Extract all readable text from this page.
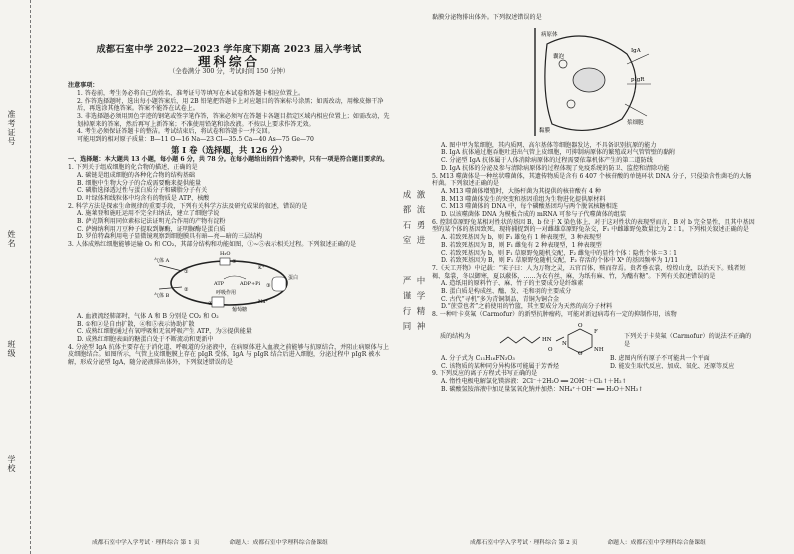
准考证号
姓名
班级
学校
成都石室中学 2022—2023 学年度下期高 2023 届入学考试
理科综合
（全卷满分 300 分，考试时间 150 分钟）

注意事项：

1. 答卷前，考生务必将自己的姓名、准考证号等填写在本试卷和答题卡相应位置上。

2. 作答选择题时，选出每小题答案后，用 2B 铅笔把答题卡上对应题目的答案标号涂黑；如需改动，用橡皮擦干净后，再选涂其他答案。答案不能答在试卷上。

3. 非选择题必须用黑色字迹的钢笔或签字笔作答，答案必须写在答题卡各题目指定区域内相应位置上；如需改动，先划掉原来的答案，然后再写上新答案；不准使用铅笔和涂改液。不按以上要求作答无效。

4. 考生必须保证答题卡的整洁。考试结束后，将试卷和答题卡一并交回。

可能用到的相对原子质量：B—11 O—16 Na—23 Cl—35.5 Ca—40 As—75 Ge—70

第 Ⅰ 卷（选择题，共 126 分）

一、选择题：本大题共 13 小题，每小题 6 分，共 78 分。在每小题给出的四个选项中，只有一项是符合题目要求的。

1. 下列关于组成细胞的化合物的描述，正确的是

A. 碳链是组成细胞的各种化合物的结构基础

B. 细胞中生物大分子的合成需要酶来提供能量

C. 磷脂选择透过性与蛋白质分子和磷脂分子有关

D. 叶绿体和线粒体中均含有的物质是 ATP、核酸

2. 科学方法是探索生命规律的重要手段，下列有关科学方法及研究成果的叙述，错误的是

A. 施莱登和施旺运用不完全归纳法，建立了细胞学说

B. 萨克斯利用同位素标记法证明光合作用的产物有淀粉

C. 萨姆纳利用刀豆种子提取到脲酶，证明脲酶是蛋白质

D. 罗伯特森利用电子显微镜观察到细胞膜具有暗—亮—暗的三层结构

3. 人体成熟红细胞能够运输 O₂ 和 CO₂，其部分结构和功能如图，①~⑤表示相关过程。下列叙述正确的是

气体 A
气体 B
H₂O
葡萄糖
K⁺
Na⁺
ATP	ADP+Pi
呼吸作用
蛋白
①
②
③
④
⑤

A. 血液流经肺部时，气体 A 和 B 分别是 CO₂ 和 O₂

B. ①和②是自由扩散，④和⑤表示协助扩散

C. 成熟红细胞通过有氧呼吸和无氧呼吸产生 ATP，为③提供能量

D. 成熟红细胞表面的糖蛋白处于不断流动和更新中

4. 分泌型 IgA 抗体主要存在于消化道、呼吸道的分泌液中，在病原体进入血液之前能够与抗原结合，并阻止病原体与上皮细胞结合。如图所示，气管上皮细胞膜上存在 pIgR 受体，IgA 与 pIgR 结合后进入细胞，分泌过程中 pIgR 被水解，形成分泌型 IgA，随分泌液排出体外，下列叙述错误的是

成 都 石 室 激 流 勇 进
严 谨 行 同 中 学 精 神

黏膜分泌物排出体外。下列叙述错误的是

病原体
IgA
pIgR
浆细胞
黏膜
囊泡

A. 图中甲为浆细胞，其内质网、高尔基体等细胞器发达，不具备识别抗原的能力

B. IgA 抗体通过胞吞胞吐进出气管上皮细胞，可抑制病原体的繁殖或对气管管壁的黏附

C. 分泌型 IgA 抗体属于人体消除病原体的过程需要依靠机体产生的第二道防线

D. IgA 抗体的分泌及参与清除病原体的过程体现了免疫系统的防卫、监控和清除功能

5. M13 噬菌体是一种丝状噬菌体，其遗传物质是含有 6 407 个核苷酸的单链环状 DNA 分子，只侵染含性菌毛的大肠杆菌。下列叙述正确的是

A. M13 噬菌体增殖时，大肠杆菌为其提供的核苷酸有 4 种

B. M13 噬菌体发生的突变和基因重组为生物进化提供原材料

C. M13 噬菌体的 DNA 中，每个磷酸基团均与两个脱氧核糖相连

D. 以该噬菌体 DNA 为模板合成的 mRNA 可参与子代噬菌体的组装

6. 控制草原野兔某相对性状的基因 B、b 位于 X 染色体上，对于这对性状的表现型而言，B 对 b 完全显性，且其中基因型的某个体的基因致死。现将捕捉到的一对雌雄草原野兔杂交，F₁ 中雌雄野兔数量比为 2∶1。下列相关叙述正确的是

A. 若致死基因为 b，则 F₁ 雄兔有 1 种表现型，3 种表现型

B. 若致死基因为 B，则 F₁ 雌兔有 2 种表现型，1 种表现型

C. 若致死基因为 b，则 F₁ 草原野兔随机交配，F₂ 雌兔中的显性个体∶隐性个体＝3∶1

D. 若致死基因为 B，则 F₁ 草原野兔随机交配，F₂ 存活的个体中 Xᵇ 的基因频率为 1/11

7.《天工开物》中记载：“宋子曰：人为万物之灵，五官百体，赅而存焉。贵者垂衣裳，煌煌山龙，以治天下。贱者短褐、枲裳，冬以御寒，夏以蔽体，……为衣有丝、麻，为纸有麻、竹，为醯有糖”。下列有关叙述错误的是

A. 造纸用的原料竹子、麻、竹子的主要成分是纤维素

B. 蛋白质是构成丝、醯、发、毛和羽的主要成分

C. 古代“寻机”多为青铜制品，青铜为铜合金

D.“蔗壹也者”之前使用的竹篮，其主要成分为天然的高分子材料

8. 一种叶卡莫氟（Carmofur）的新型抗肿瘤药，可能对新冠病毒有一定的抑制作用，该物

质的结构为	HN
O
N
O
F
NH
O
下列关于卡莫氟（Carmofur）的说法不正确的是

A. 分子式为 C₁₁H₁₆FN₃O₃	B. 虑图内所有原子不可能共一个平面

C. 该物质的某种同分异构体可能属于芳香烃	D. 能发生取代反应、加成、氧化、还原等反应

9. 下列反应的离子方程式书写正确的是

A. 惰性电极电解氯化镁溶液：2Cl⁻＋2H₂O ══ 2OH⁻＋Cl₂↑＋H₂↑

B. 碳酸氢铵溶液中加足量氢氧化钠并加热：NH₄⁺＋OH⁻ ══ H₂O＋NH₃↑

成都石室中学入学考试 · 理科综合 第 1 页	命题人：成都石室中学理科综合备课组	成都石室中学入学考试 · 理科综合 第 2 页	命题人：成都石室中学理科综合备课组
